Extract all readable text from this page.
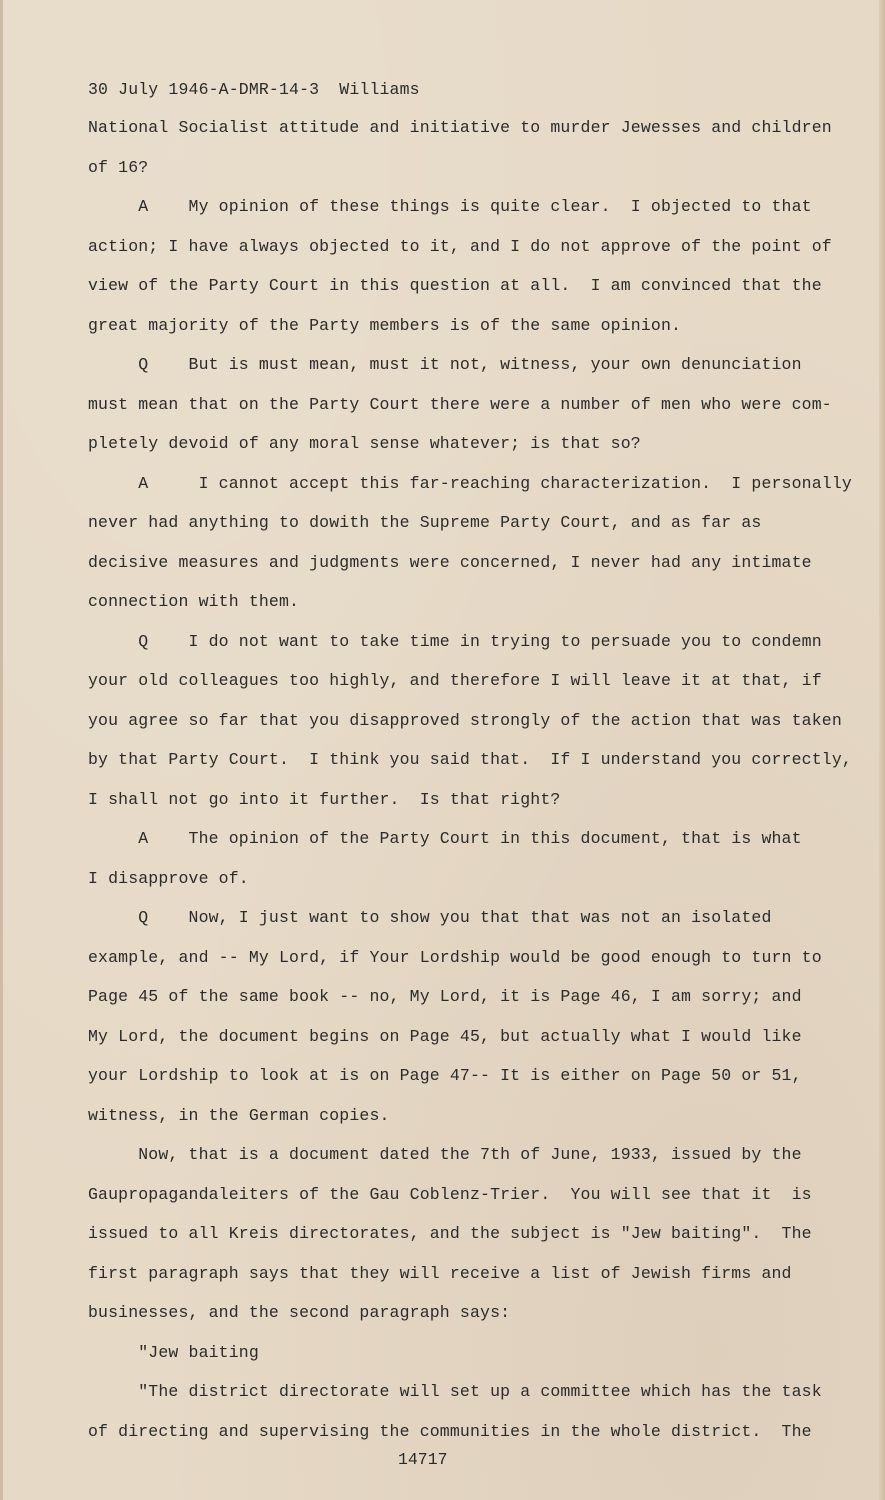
30 July 1946-A-DMR-14-3  Williams
National Socialist attitude and initiative to murder Jewesses and children
of 16?
A    My opinion of these things is quite clear.  I objected to that
action; I have always objected to it, and I do not approve of the point of
view of the Party Court in this question at all.  I am convinced that the
great majority of the Party members is of the same opinion.
Q    But is must mean, must it not, witness, your own denunciation
must mean that on the Party Court there were a number of men who were com-
pletely devoid of any moral sense whatever; is that so?
A     I cannot accept this far-reaching characterization.  I personally
never had anything to dowith the Supreme Party Court, and as far as
decisive measures and judgments were concerned, I never had any intimate
connection with them.
Q    I do not want to take time in trying to persuade you to condemn
your old colleagues too highly, and therefore I will leave it at that, if
you agree so far that you disapproved strongly of the action that was taken
by that Party Court.  I think you said that.  If I understand you correctly,
I shall not go into it further.  Is that right?
A    The opinion of the Party Court in this document, that is what
I disapprove of.
Q    Now, I just want to show you that that was not an isolated
example, and -- My Lord, if Your Lordship would be good enough to turn to
Page 45 of the same book -- no, My Lord, it is Page 46, I am sorry; and
My Lord, the document begins on Page 45, but actually what I would like
your Lordship to look at is on Page 47-- It is either on Page 50 or 51,
witness, in the German copies.
Now, that is a document dated the 7th of June, 1933, issued by the
Gaupropagandaleiters of the Gau Coblenz-Trier.  You will see that it  is
issued to all Kreis directorates, and the subject is "Jew baiting".  The
first paragraph says that they will receive a list of Jewish firms and
businesses, and the second paragraph says:
"Jew baiting
"The district directorate will set up a committee which has the task
of directing and supervising the communities in the whole district.  The
14717
